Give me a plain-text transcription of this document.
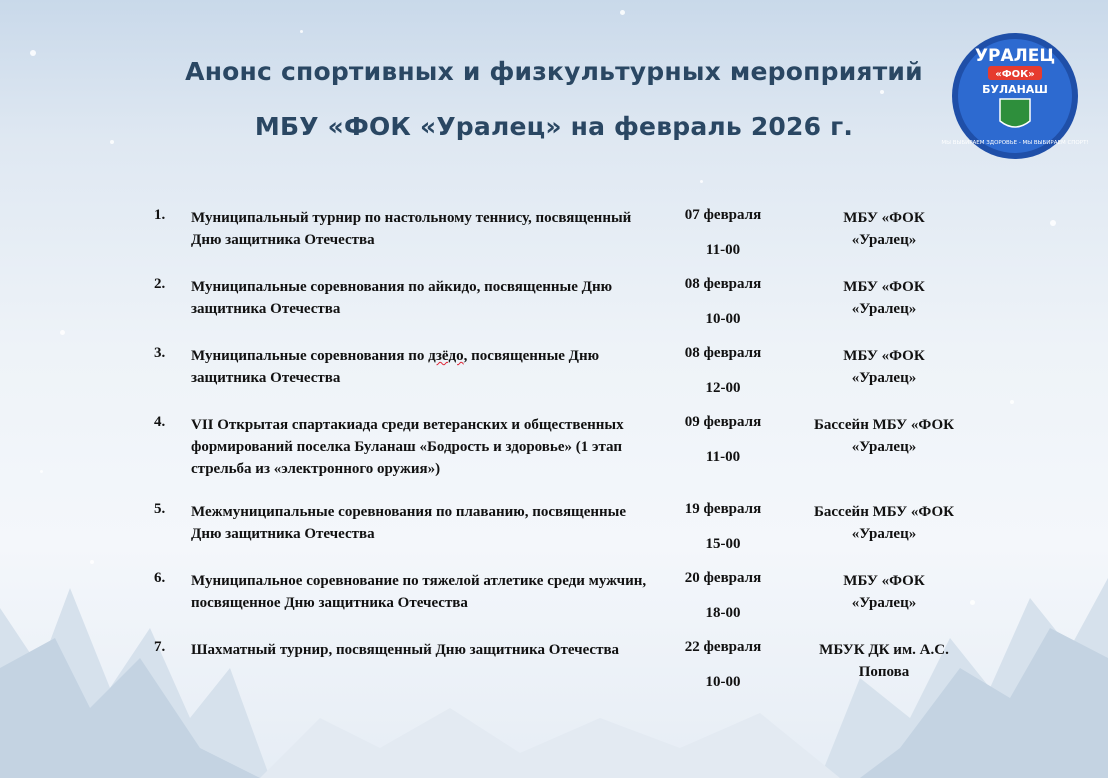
Анонс спортивных и физкультурных мероприятий
МБУ «ФОК «Уралец» на февраль 2026 г.
УРАЛЕЦ
«ФОК»
БУЛАНАШ
МЫ ВЫБИРАЕМ ЗДОРОВЬЕ - МЫ ВЫБИРАЕМ СПОРТ!
1. Муниципальный турнир по настольному теннису, посвященный Дню защитника Отечества
07 февраля
11-00
МБУ «ФОК
«Уралец»
2. Муниципальные соревнования по айкидо, посвященные Дню защитника Отечества
08 февраля
10-00
МБУ «ФОК
«Уралец»
3. Муниципальные соревнования по дзёдо, посвященные Дню защитника Отечества
08 февраля
12-00
МБУ «ФОК
«Уралец»
4. VII Открытая спартакиада среди ветеранских и общественных формирований поселка Буланаш «Бодрость и здоровье» (1 этап стрельба из «электронного оружия»)
09 февраля
11-00
Бассейн МБУ «ФОК
«Уралец»
5. Межмуниципальные соревнования по плаванию, посвященные Дню защитника Отечества
19 февраля
15-00
Бассейн МБУ «ФОК
«Уралец»
6. Муниципальное соревнование по тяжелой атлетике среди мужчин, посвященное Дню защитника Отечества
20 февраля
18-00
МБУ «ФОК
«Уралец»
7. Шахматный турнир, посвященный Дню защитника Отечества	22 февраля
10-00
МБУК ДК им. А.С.
Попова
